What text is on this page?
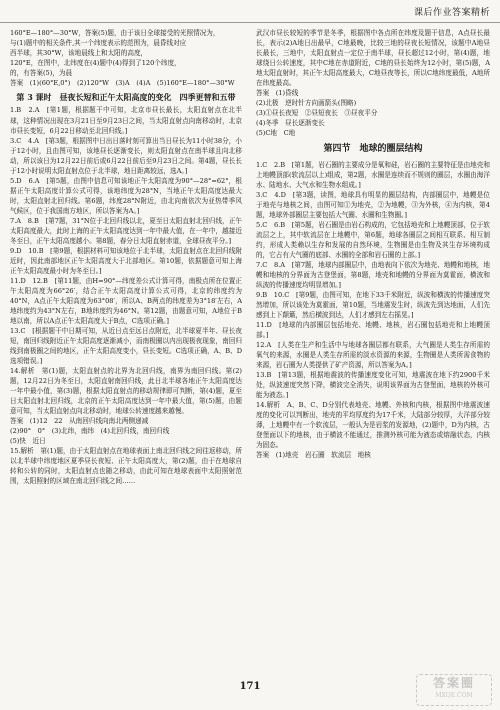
课后作业答案精析

160°E—180°—30°W，答案(5)题，由于该日全球接受的光照情况为，

与(1)题中的相关条件,其一个纬度表示的范围为，晨昏线对应

西半球，其30°W，该地晨线上和太阳的高度，

120°E，在图中，北纬度在(4)题中(4)得到了120个纬度，

的，有答案(5)，为晨

答案　(1)(60°E,0°)　(2)120°W　(3)A　(4)A　(5)160°E—180°—30°W

第 3 课时　昼夜长短和正午太阳高度的变化　四季更替和五带

1.B　2.A　[第1题，根据题干中可知，北京市昼长最长，太阳直射点在北半球，这种情况出现在3月21日至9月23日之间，当太阳直射点向南移动时，北京市昼长变短，6月22日移动至北回归线。]

3.C　4.A　[第3题，根据图中日出日落时刻可算出当日昼长为11小时38分，小于12小时，且由图可知，该地昼长逐渐变长，则太阳直射点在南半球且向北移动，所以该日为12月22日前后或6月22日前后至9月23日之间。第4题，昼长长于12小时说明太阳直射点位于北半球，地日距离较远，选A。]

5.D　6.A　[第5题，由图中信息可知该地正午太阳高度为90°—28°=62°，根据正午太阳高度计算公式可得，该地纬度为28°N，当地正午太阳高度达最大时，太阳直射北回归线。第6题，纬度28°N附近，由北向南依次为亚热带季风气候区，位于我国南方地区，所以答案为A。]

7.A　8.B　[第7题，31°N位于北回归线以北，夏至日太阳直射北回归线，正午太阳高度最大，此时上海的正午太阳高度达到一年中最大值，在一年中，越接近冬至日，正午太阳高度越小。第8题，春分日太阳直射赤道，全球昼夜平分。]

9.D　10.B　[第9题，根据材料可知该地位于北半球，太阳直射点在北回归线附近时，因此南部地区正午太阳高度大于北部地区。第10题，依据题意可知上海正午太阳高度最小时为冬至日。]

11.D　12.B　[第11题，由H=90°—纬度差公式计算可得，南极点所在位置正午太阳高度为66°26′，结合正午太阳高度计算公式可得，北京的纬度约为40°N，A点正午太阳高度为63°08′，所以A、B两点的纬度差为3°18′左右，A地纬度约为43°N左右，B地纬度约为46°N。第12题，由题意可知，A地位于B地以南，所以A点正午太阳高度大于B点，C选项正确。]

13.C　[根据题干中日期可知，从近日点至远日点附近，北半球夏半年、昼长夜短，南回归线附近正午太阳高度逐渐减小，而南极圈以内出现极夜现象，南回归线到南极圈之间的地区，正午太阳高度变小，昼长变短。C选项正确，A、B、D选项错误。]

14.解析　第(1)题，太阳直射点的北界为北回归线，南界为南回归线。第(2)题，12月22日为冬至日，太阳直射南回归线，此日北半球各地正午太阳高度达一年中最小值，第(3)题，根据太阳直射点的移动规律即可判断，第(4)题，夏至日太阳直射北回归线，北京的正午太阳高度达到一年中最大值，第(5)题，由题意可知，当太阳直射点向北移动时，地球公转速度越来越慢。

答案　(1)12　22　从南回归线向南北两侧递减

(2)90°　0°　(3)北纬，南纬　(4)北回归线，南回归线

(5)快　近日

15.解析　第(1)题，由于太阳直射点在地球表面上南北回归线之间往返移动，所以北半球中纬度地区夏季昼长夜短、正午太阳高度大，第(2)题，由于在地球自转和公转的同时，太阳直射点也随之移动，由此可知在地球表面中太阳照射范围，太阳照射的区域在南北回归线之间……

武汉市昼长较短的季节是冬季，根据图中各点所在纬度及题干信息，A点昼长最长，表示(2)A地日出最早，C地最晚，比较三地的昼夜长短情况，该题中A地昼长最长，三地中，太阳直射点一定位于南半球，昼长超过12小时，第(4)题，地球绕日公转速度，其中C地在赤道附近，C地的昼长始终为12小时，第(5)题，A地太阳直射时，其正午太阳高度最大，C地昼夜等长，所以C地纬度最低，A地所在纬度最高。

答案　(1)昏线

(2)北极　逆时针方向画箭头(图略)

(3)①昼长夜短　②昼短夜长　③昼夜平分

(4)冬季　昼长逐渐变长

(5)C地　C地

第四节　地球的圈层结构

1.C　2.B　[第1题，岩石圈的主要成分是氧和硅，岩石圈的主要特征是由地壳和上地幔顶部(软流层以上)组成，第2题，水圈是连续而不规则的圈层，水圈由海洋水、陆地水、大气水和生物水组成。]

3.C　4.D　[第3题，读图，地球具有明显的圈层结构，内部圈层中，地幔是位于地壳与地核之间，由图可知①为地壳，②为地幔，③为外核，④为内核，第4题，地球外部圈层主要包括大气圈、水圈和生物圈。]

5.C　6.B　[第5题，岩石圈是由岩石构成的，它包括地壳和上地幔顶部，位于软流层之上，其中软流层在上地幔中，第6题，地球各圈层之间相互联系、相互制约，形成人类赖以生存和发展的自然环境，生物圈是由生物及其生存环境构成的，它占有大气圈的底部、水圈的全部和岩石圈的上部。]

7.C　8.A　[第7题，地球内部圈层中，由地表向下依次为地壳、地幔和地核，地幔和地核的分界面为古登堡面，第8题，地壳和地幔的分界面为莫霍面，横波和纵波的传播速度均明显增加。]

9.B　10.C　[第9题，由图可知，在地下33千米附近，纵波和横波的传播速度突然增加，所以该处为莫霍面，第10题，当地震发生时，纵波先到达地面，人们先感到上下颠簸，然后横波到达，人们才感到左右摇晃。]

11.D　[地球的内部圈层包括地壳、地幔、地核，岩石圈包括地壳和上地幔顶部。]

12.A　[人类在生产和生活中与地球各圈层都有联系，大气圈是人类生存所需的氧气的来源，水圈是人类生存所需的淡水资源的来源，生物圈是人类所需食物的来源，岩石圈为人类提供了矿产资源，所以答案为A。]

13.B　[第13题，根据地震波的传播速度变化可知，地震波在地下约2900千米处，纵波速度突然下降，横波完全消失，说明该界面为古登堡面，地核的外核可能为液态。]

14.解析　A、B、C、D分别代表地壳、地幔、外核和内核，根据图中地震波速度的变化可以判断出，地壳的平均厚度约为17千米，大陆部分较厚，大洋部分较薄，上地幔中有一个软流层，一般认为是岩浆的发源地，(2)题中，D为内核，古登堡面以下的地核，由于横波不能通过，推测外核可能为液态或熔融状态，内核为固态。

答案　(1)地壳　岩石圈　软流层　地核

171	答案圈
MXQE.COM
